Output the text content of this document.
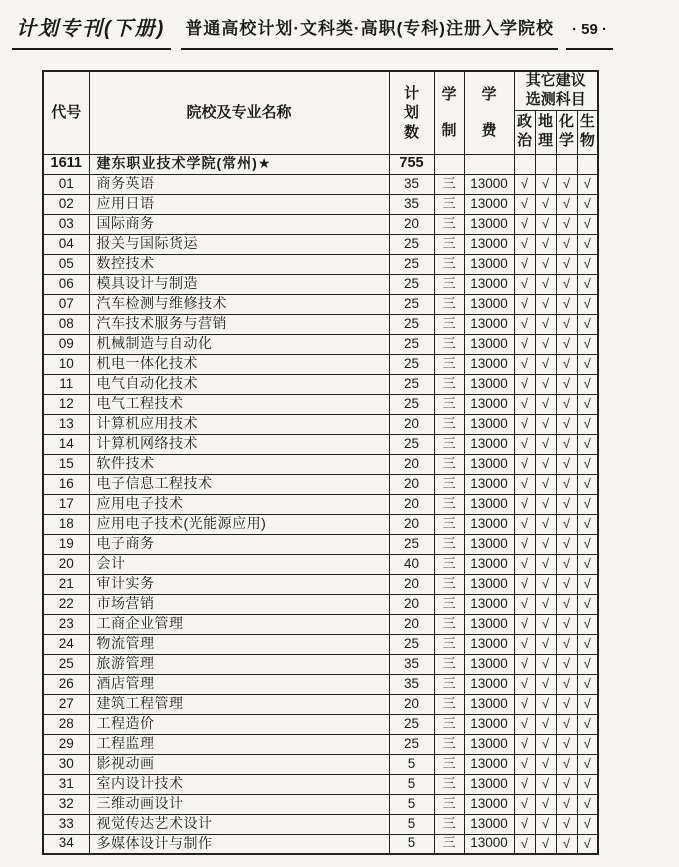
计划专刊(下册)	普通高校计划·文科类·高职(专科)注册入学院校	· 59 ·
代号	院校及专业名称	计划数	学制	学费	其它建议选测科目			
					政治	地理	化学	生物
1611	建东职业技术学院(常州)★	755						
01	商务英语	35	三	13000	√	√	√	√
02	应用日语	35	三	13000	√	√	√	√
03	国际商务	20	三	13000	√	√	√	√
04	报关与国际货运	25	三	13000	√	√	√	√
05	数控技术	25	三	13000	√	√	√	√
06	模具设计与制造	25	三	13000	√	√	√	√
07	汽车检测与维修技术	25	三	13000	√	√	√	√
08	汽车技术服务与营销	25	三	13000	√	√	√	√
09	机械制造与自动化	25	三	13000	√	√	√	√
10	机电一体化技术	25	三	13000	√	√	√	√
11	电气自动化技术	25	三	13000	√	√	√	√
12	电气工程技术	25	三	13000	√	√	√	√
13	计算机应用技术	20	三	13000	√	√	√	√
14	计算机网络技术	25	三	13000	√	√	√	√
15	软件技术	20	三	13000	√	√	√	√
16	电子信息工程技术	20	三	13000	√	√	√	√
17	应用电子技术	20	三	13000	√	√	√	√
18	应用电子技术(光能源应用)	20	三	13000	√	√	√	√
19	电子商务	25	三	13000	√	√	√	√
20	会计	40	三	13000	√	√	√	√
21	审计实务	20	三	13000	√	√	√	√
22	市场营销	20	三	13000	√	√	√	√
23	工商企业管理	20	三	13000	√	√	√	√
24	物流管理	25	三	13000	√	√	√	√
25	旅游管理	35	三	13000	√	√	√	√
26	酒店管理	35	三	13000	√	√	√	√
27	建筑工程管理	20	三	13000	√	√	√	√
28	工程造价	25	三	13000	√	√	√	√
29	工程监理	25	三	13000	√	√	√	√
30	影视动画	5	三	13000	√	√	√	√
31	室内设计技术	5	三	13000	√	√	√	√
32	三维动画设计	5	三	13000	√	√	√	√
33	视觉传达艺术设计	5	三	13000	√	√	√	√
34	多媒体设计与制作	5	三	13000	√	√	√	√
